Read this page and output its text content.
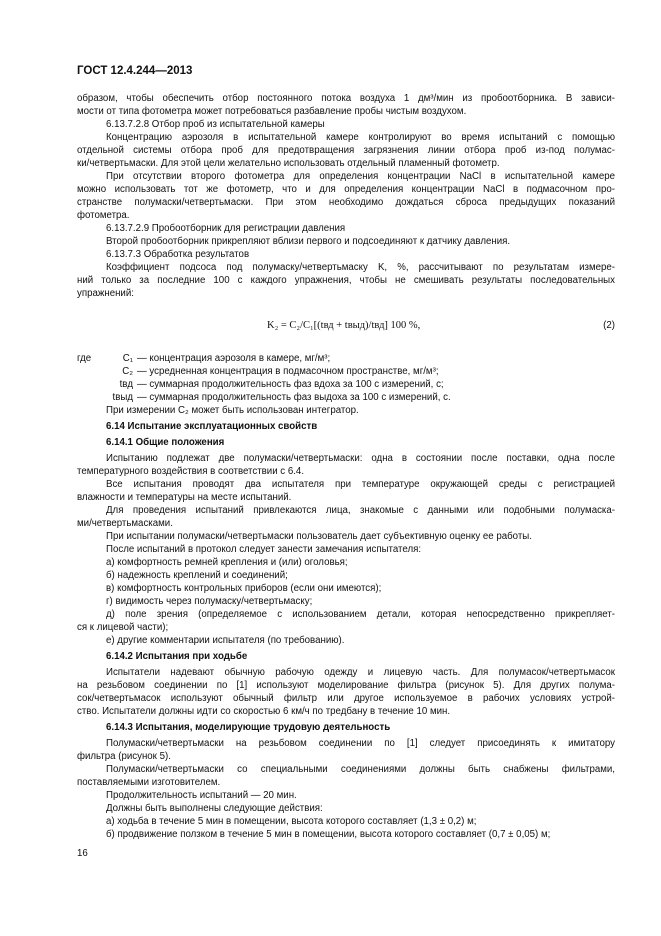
ГОСТ 12.4.244—2013

образом, чтобы обеспечить отбор постоянного потока воздуха 1 дм³/мин из пробоотборника. В зависи-

мости от типа фотометра может потребоваться разбавление пробы чистым воздухом.

6.13.7.2.8 Отбор проб из испытательной камеры

Концентрацию аэрозоля в испытательной камере контролируют во время испытаний с помощью

отдельной системы отбора проб для предотвращения загрязнения линии отбора проб из-под полумас-

ки/четвертьмаски. Для этой цели желательно использовать отдельный пламенный фотометр.

При отсутствии второго фотометра для определения концентрации NaCl в испытательной камере

можно использовать тот же фотометр, что и для определения концентрации NaCl в подмасочном про-

странстве полумаски/четвертьмаски. При этом необходимо дождаться сброса предыдущих показаний

фотометра.

6.13.7.2.9 Пробоотборник для регистрации давления

Второй пробоотборник прикрепляют вблизи первого и подсоединяют к датчику давления.

6.13.7.3 Обработка результатов

Коэффициент подсоса под полумаску/четвертьмаску K, %, рассчитывают по результатам измере-

ний только за последние 100 с каждого упражнения, чтобы не смешивать результаты последовательных

упражнений:

K₂ = C₂/C₁[(tвд + tвыд)/tвд] 100 %,	(2)
где	C₁ — концентрация аэрозоля в камере, мг/м³;
C₂ — усредненная концентрация в подмасочном пространстве, мг/м³;
tвд — суммарная продолжительность фаз вдоха за 100 с измерений, с;
tвыд — суммарная продолжительность фаз выдоха за 100 с измерений, с.

При измерении C₂ может быть использован интегратор.

6.14 Испытание эксплуатационных свойств

6.14.1 Общие положения

Испытанию подлежат две полумаски/четвертьмаски: одна в состоянии после поставки, одна после

температурного воздействия в соответствии с 6.4.

Все испытания проводят два испытателя при температуре окружающей среды с регистрацией

влажности и температуры на месте испытаний.

Для проведения испытаний привлекаются лица, знакомые с данными или подобными полумаска-

ми/четвертьмасками.

При испытании полумаски/четвертьмаски пользователь дает субъективную оценку ее работы.

После испытаний в протокол следует занести замечания испытателя:

а) комфортность ремней крепления и (или) оголовья;

б) надежность креплений и соединений;

в) комфортность контрольных приборов (если они имеются);

г) видимость через полумаску/четвертьмаску;

д) поле зрения (определяемое с использованием детали, которая непосредственно прикрепляет-

ся к лицевой части);

е) другие комментарии испытателя (по требованию).

6.14.2 Испытания при ходьбе

Испытатели надевают обычную рабочую одежду и лицевую часть. Для полумасок/четвертьмасок

на резьбовом соединении по [1] используют моделирование фильтра (рисунок 5). Для других полума-

сок/четвертьмасок используют обычный фильтр или другое используемое в рабочих условиях устрой-

ство. Испытатели должны идти со скоростью 6 км/ч по тредбану в течение 10 мин.

6.14.3 Испытания, моделирующие трудовую деятельность

Полумаски/четвертьмаски на резьбовом соединении по [1] следует присоединять к имитатору

фильтра (рисунок 5).

Полумаски/четвертьмаски со специальными соединениями должны быть снабжены фильтрами,

поставляемыми изготовителем.

Продолжительность испытаний — 20 мин.

Должны быть выполнены следующие действия:

а) ходьба в течение 5 мин в помещении, высота которого составляет (1,3 ± 0,2) м;

б) продвижение ползком в течение 5 мин в помещении, высота которого составляет (0,7 ± 0,05) м;

16
